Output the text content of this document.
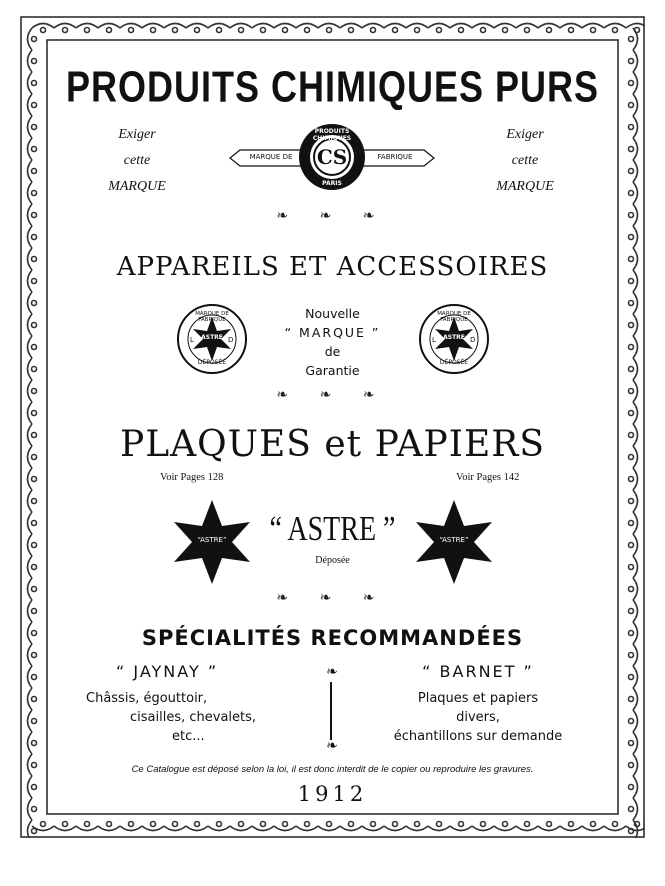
PRODUITS CHIMIQUES PURS
Exiger
cette
MARQUE
Exiger
cette
MARQUE
CS
MARQUE DE	FABRIQUE
PRODUITS CHIMIQUES
PARIS
❧ ❧ ❧
APPAREILS ET ACCESSOIRES
Nouvelle
“ MARQUE ”
de
Garantie
ASTRE
MARQUE DE FABRIQUE
DÉPOSÉE
L	D	ASTRE
MARQUE DE FABRIQUE
DÉPOSÉE
L	D
❧ ❧ ❧
PLAQUES et PAPIERS
Voir Pages 128	Voir Pages 142
“ASTRE”	“ASTRE”
“ ASTRE ”
Déposée
❧ ❧ ❧
SPÉCIALITÉS RECOMMANDÉES
“ JAYNAY ”
Châssis, égouttoir,
cisailles, chevalets,
etc...
❧
❧
“ BARNET ”
Plaques et papiers
divers,
échantillons sur demande
Ce Catalogue est déposé selon la loi, il est donc interdit de le copier ou reproduire les gravures.
1912
